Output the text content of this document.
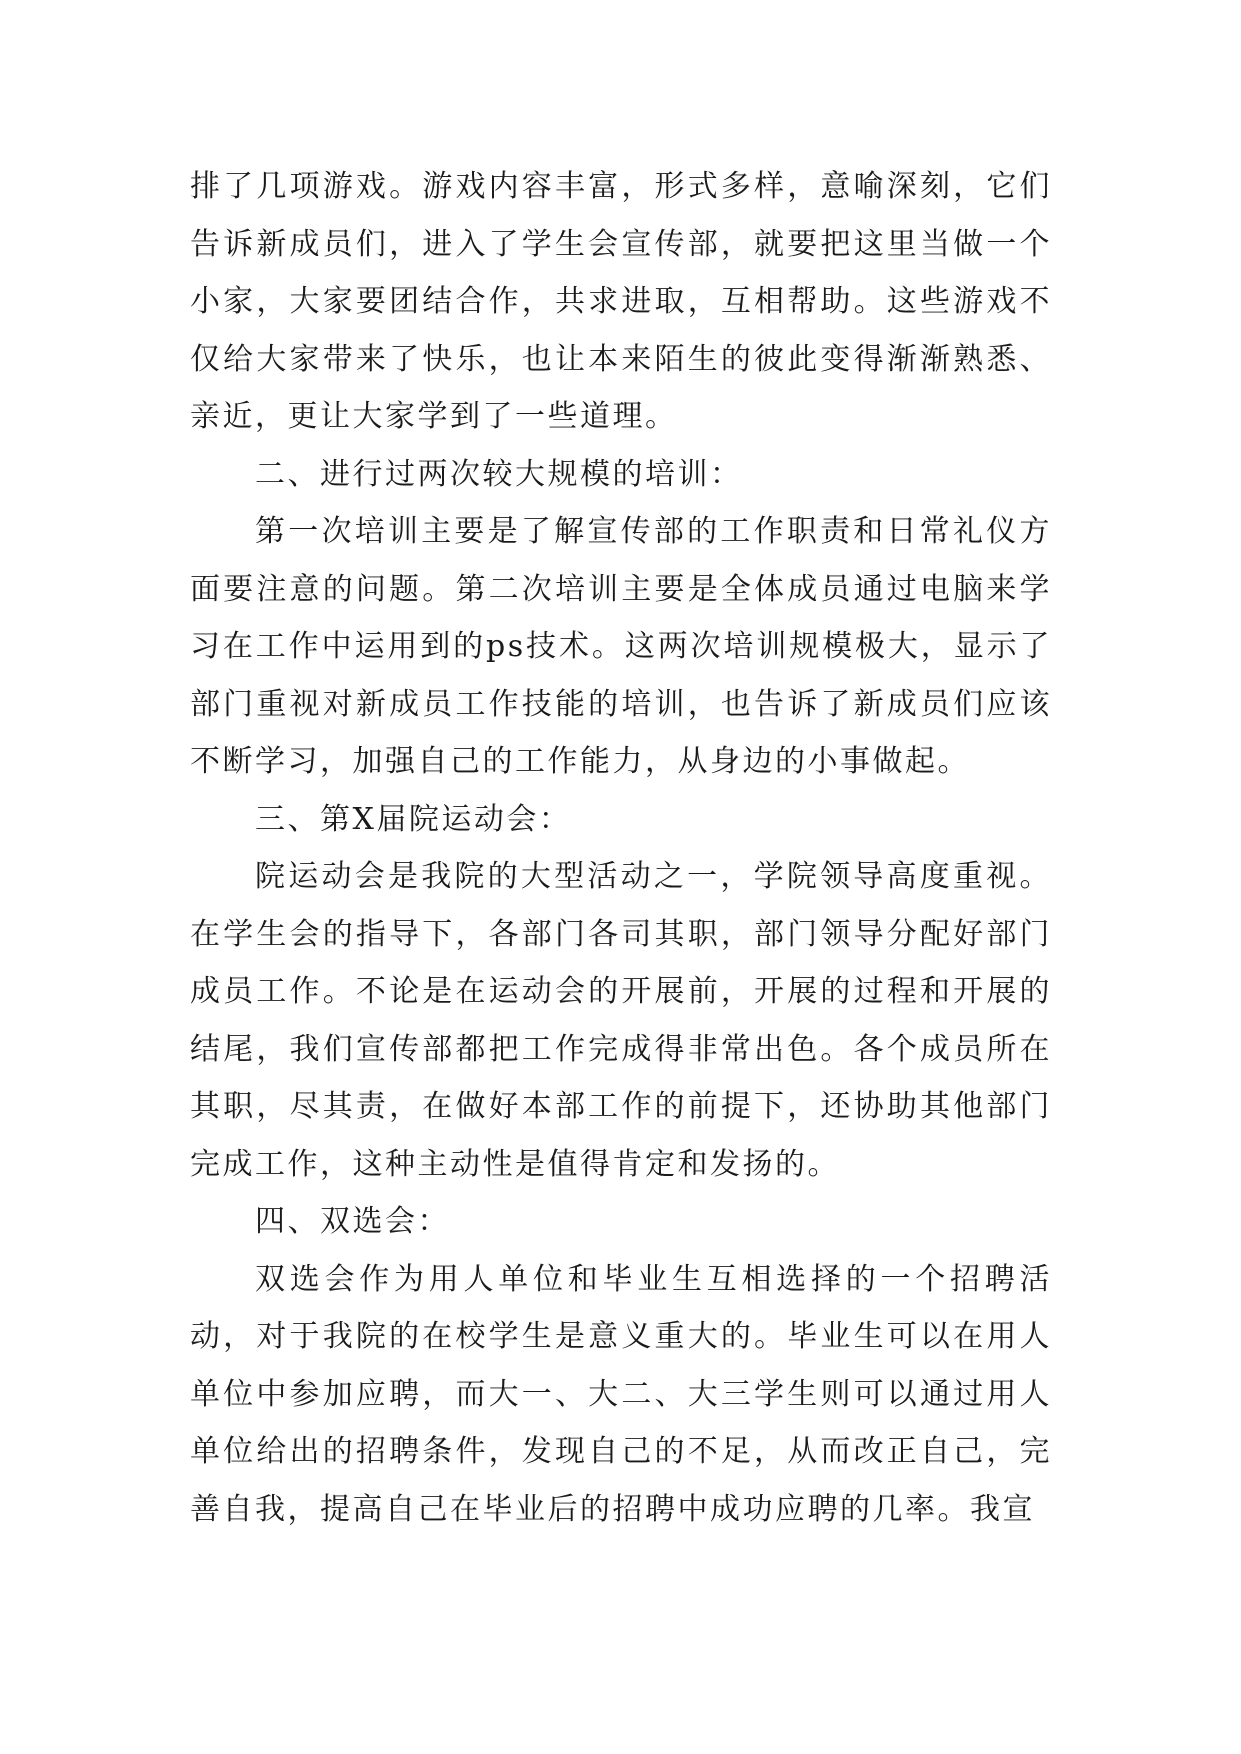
排了几项游戏。游戏内容丰富，形式多样，意喻深刻，它们告诉新成员们，进入了学生会宣传部，就要把这里当做一个小家，大家要团结合作，共求进取，互相帮助。这些游戏不仅给大家带来了快乐，也让本来陌生的彼此变得渐渐熟悉、亲近，更让大家学到了一些道理。

二、进行过两次较大规模的培训：

第一次培训主要是了解宣传部的工作职责和日常礼仪方面要注意的问题。第二次培训主要是全体成员通过电脑来学习在工作中运用到的ps技术。这两次培训规模极大，显示了部门重视对新成员工作技能的培训，也告诉了新成员们应该不断学习，加强自己的工作能力，从身边的小事做起。

三、第X届院运动会：

院运动会是我院的大型活动之一，学院领导高度重视。在学生会的指导下，各部门各司其职，部门领导分配好部门成员工作。不论是在运动会的开展前，开展的过程和开展的结尾，我们宣传部都把工作完成得非常出色。各个成员所在其职，尽其责，在做好本部工作的前提下，还协助其他部门完成工作，这种主动性是值得肯定和发扬的。

四、双选会：

双选会作为用人单位和毕业生互相选择的一个招聘活动，对于我院的在校学生是意义重大的。毕业生可以在用人单位中参加应聘，而大一、大二、大三学生则可以通过用人单位给出的招聘条件，发现自己的不足，从而改正自己，完善自我，提高自己在毕业后的招聘中成功应聘的几率。我宣
